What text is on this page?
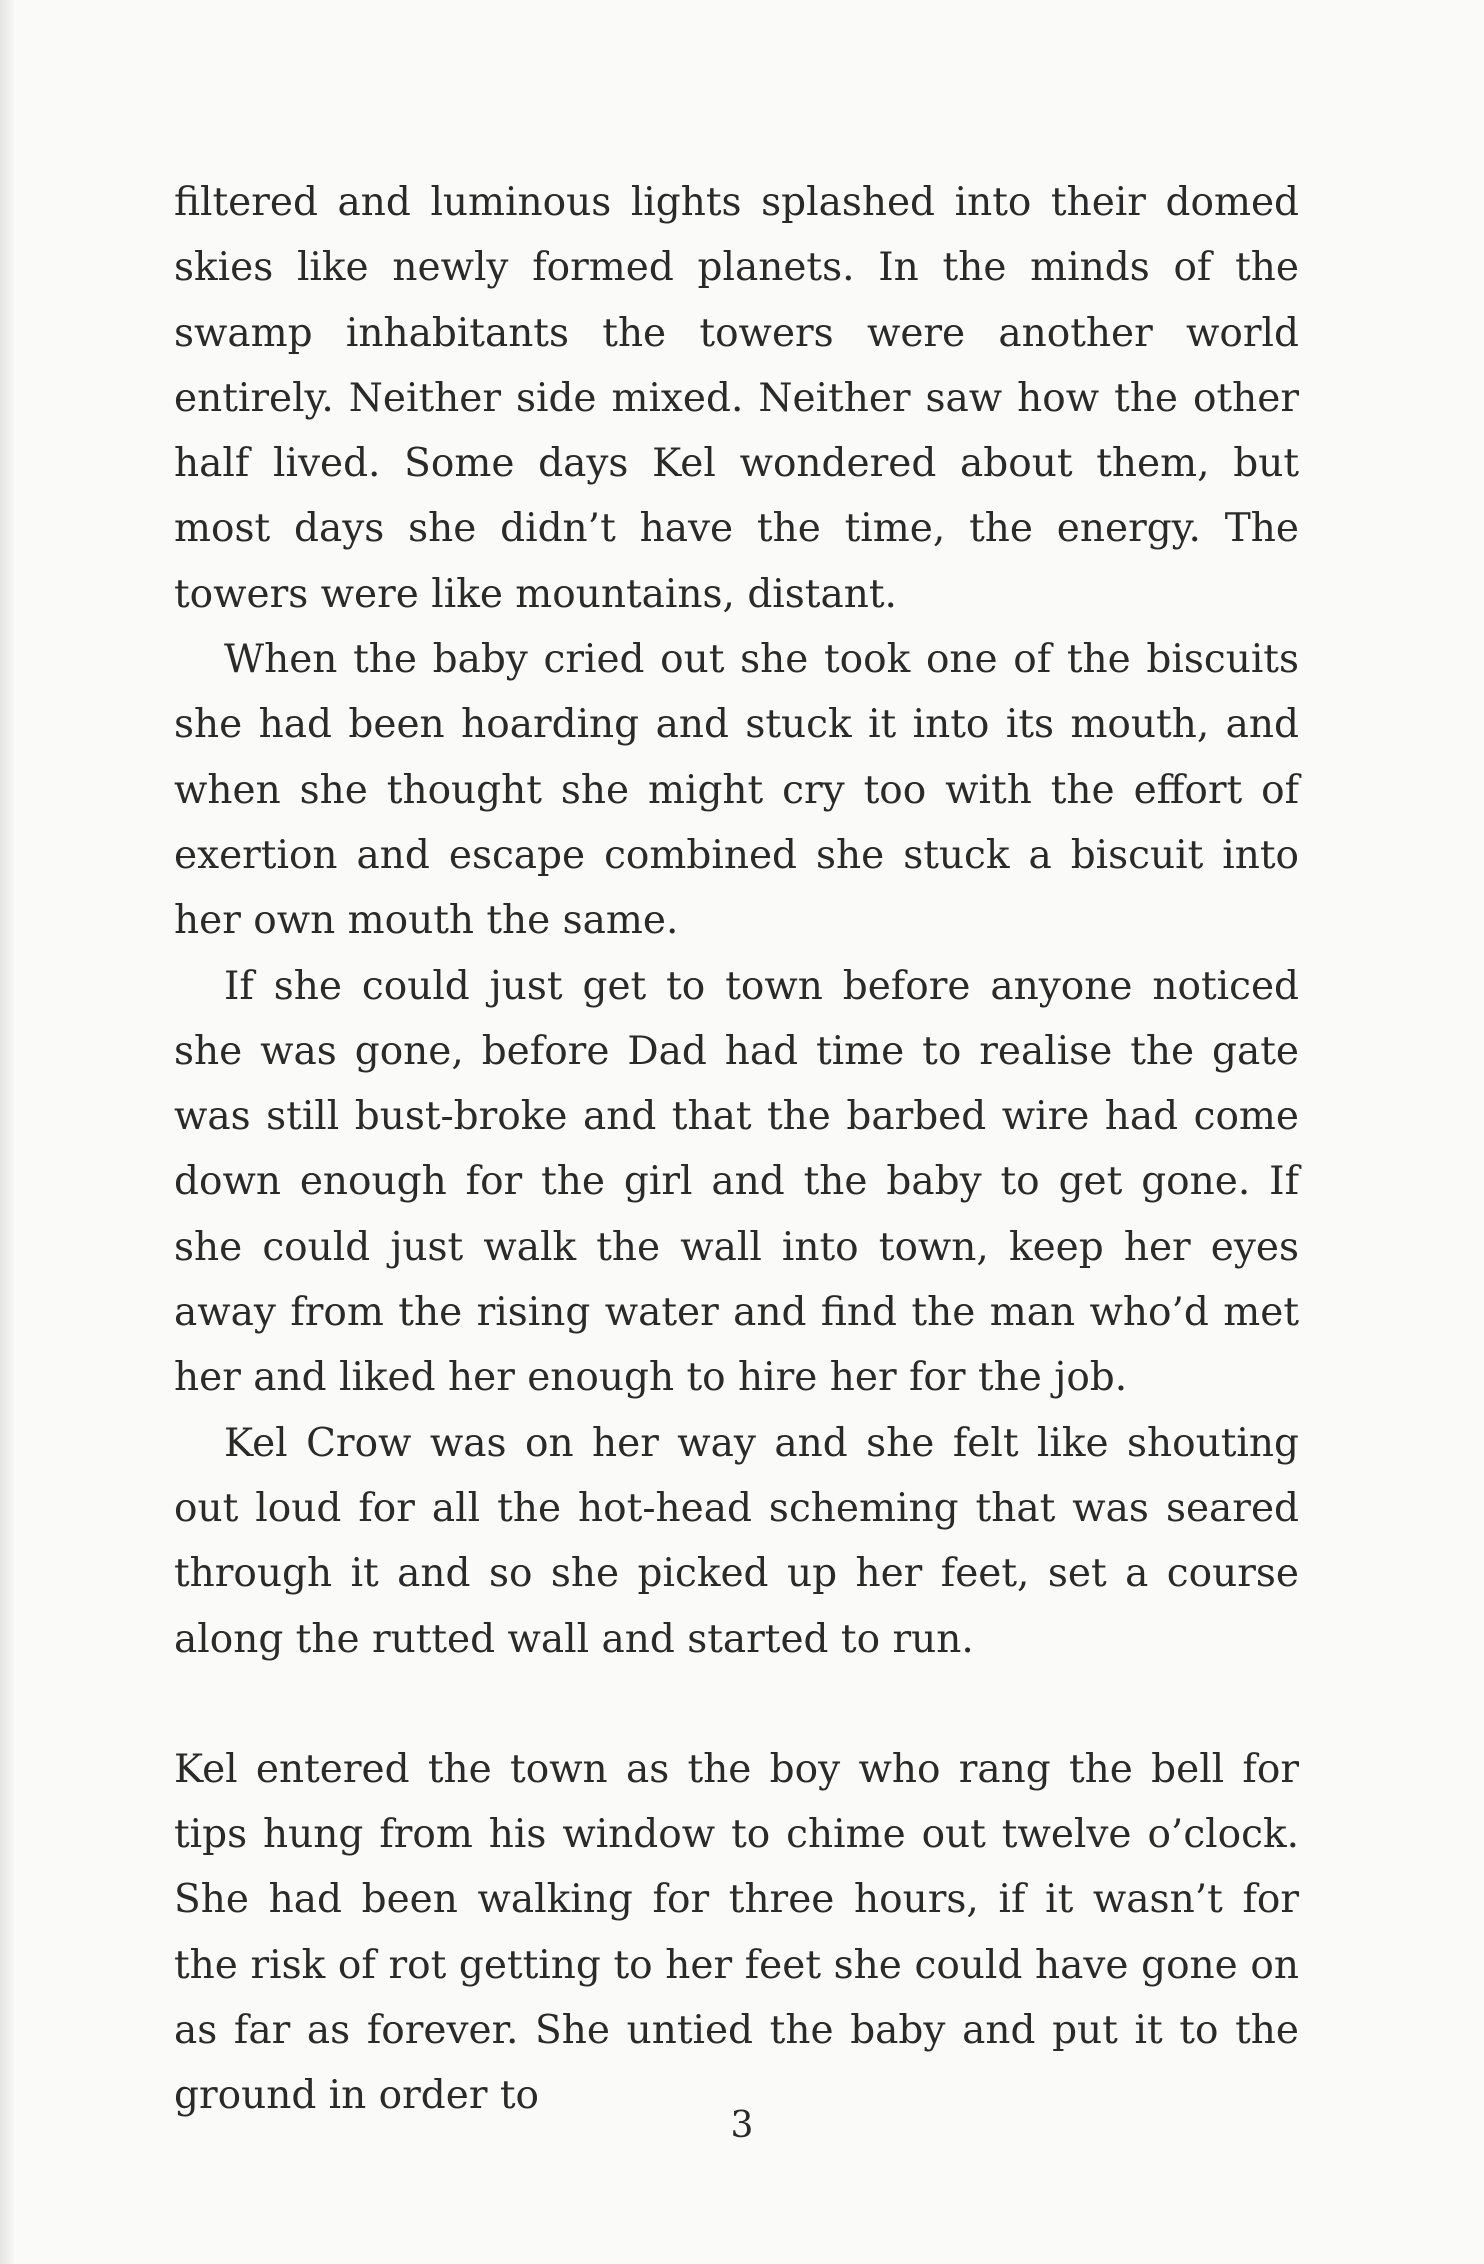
filtered and luminous lights splashed into their domed skies like newly formed planets. In the minds of the swamp inhabitants the towers were another world entirely. Neither side mixed. Neither saw how the other half lived. Some days Kel wondered about them, but most days she didn’t have the time, the energy. The towers were like mountains, distant.

When the baby cried out she took one of the biscuits she had been hoarding and stuck it into its mouth, and when she thought she might cry too with the effort of exertion and escape combined she stuck a biscuit into her own mouth the same.

If she could just get to town before anyone noticed she was gone, before Dad had time to realise the gate was still bust-broke and that the barbed wire had come down enough for the girl and the baby to get gone. If she could just walk the wall into town, keep her eyes away from the rising water and find the man who’d met her and liked her enough to hire her for the job.

Kel Crow was on her way and she felt like shouting out loud for all the hot-head scheming that was seared through it and so she picked up her feet, set a course along the rutted wall and started to run.

Kel entered the town as the boy who rang the bell for tips hung from his window to chime out twelve o’clock. She had been walking for three hours, if it wasn’t for the risk of rot getting to her feet she could have gone on as far as forever. She untied the baby and put it to the ground in order to

3
